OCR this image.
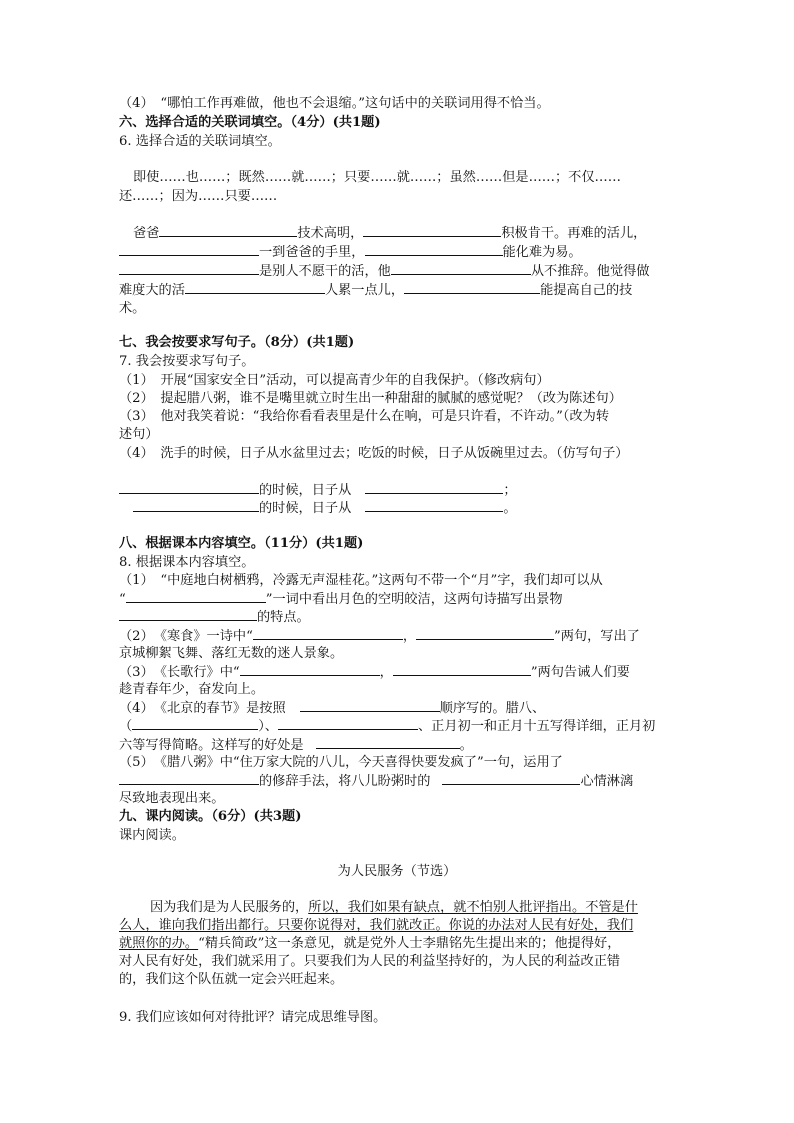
（4）　“哪怕工作再难做，他也不会退缩。”这句话中的关联词用得不恰当。
六、选择合适的关联词填空。（4分）(共1题)
6. 选择合适的关联词填空。
即使……也……；既然……就……；只要……就……；虽然……但是……；不仅……
还……；因为……只要……
爸爸	技术高明，	积极肯干。再难的活儿，
一到爸爸的手里，	能化难为易。
是别人不愿干的活，他	从不推辞。他觉得做
难度大的活	人累一点儿，	能提高自己的技
术。
七、我会按要求写句子。（8分）(共1题)
7. 我会按要求写句子。
（1）　开展“国家安全日”活动，可以提高青少年的自我保护。（修改病句）
（2）　提起腊八粥，谁不是嘴里就立时生出一种甜甜的腻腻的感觉呢？（改为陈述句）
（3）　他对我笑着说：“我给你看看表里是什么在响，可是只许看，不许动。”（改为转
述句）
（4）　洗手的时候，日子从水盆里过去；吃饭的时候，日子从饭碗里过去。（仿写句子）
的时候，日子从	；
的时候，日子从	。
八、根据课本内容填空。（11分）(共1题)
8. 根据课本内容填空。
（1）　“中庭地白树栖鸦，冷露无声湿桂花。”这两句不带一个“月”字，我们却可以从
“	”一词中看出月色的空明皎洁，这两句诗描写出景物
的特点。
（2）　《寒食》一诗中“	，	”两句，写出了
京城柳絮飞舞、落红无数的迷人景象。
（3）　《长歌行》中“	，	”两句告诫人们要
趁青春年少，奋发向上。
（4）　《北京的春节》是按照	顺序写的。腊八、
（	）、	、正月初一和正月十五写得详细，正月初
六等写得简略。这样写的好处是	。
（5）　《腊八粥》中“住万家大院的八儿，今天喜得快要发疯了”一句，运用了
的修辞手法，将八儿盼粥时的	心情淋漓
尽致地表现出来。
九、课内阅读。（6分）(共3题)
课内阅读。
为人民服务（节选）
因为我们是为人民服务的，所以，我们如果有缺点，就不怕别人批评指出。不管是什
么人，谁向我们指出都行。只要你说得对，我们就改正。你说的办法对人民有好处，我们
就照你的办。“精兵简政”这一条意见，就是党外人士李鼎铭先生提出来的；他提得好，
对人民有好处，我们就采用了。只要我们为人民的利益坚持好的，为人民的利益改正错
的，我们这个队伍就一定会兴旺起来。
9. 我们应该如何对待批评？请完成思维导图。
